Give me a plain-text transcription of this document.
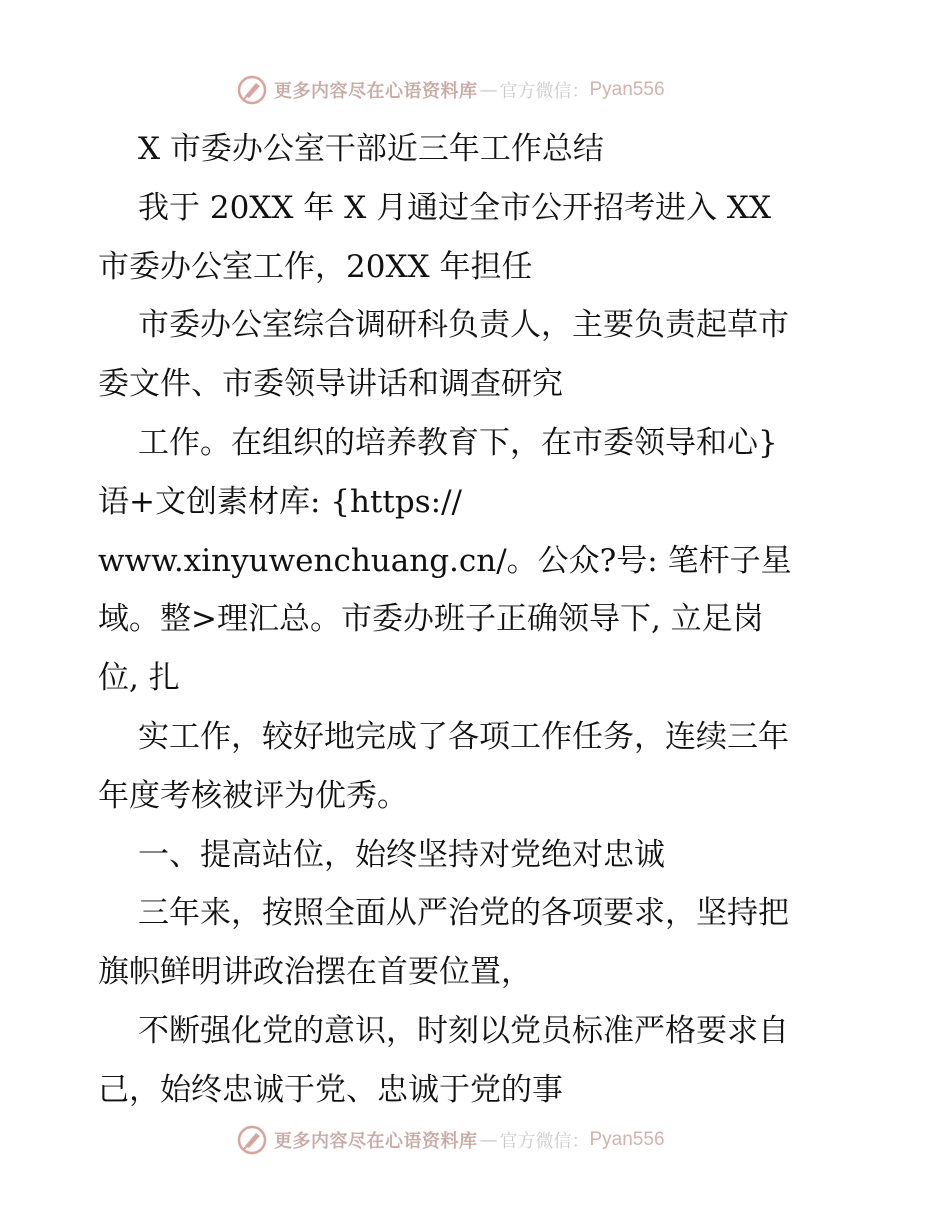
更多内容尽在心语资料库 — 官方微信： Pyan556
X 市委办公室干部近三年工作总结
我于 20XX 年 X 月通过全市公开招考进入 XX
市委办公室工作，20XX 年担任
市委办公室综合调研科负责人，主要负责起草市
委文件、市委领导讲话和调查研究
工作。在组织的培养教育下，在市委领导和心}
语+文创素材库: {https://
www.xinyuwenchuang.cn/。公众?号: 笔杆子星
域。整>理汇总。市委办班子正确领导下, 立足岗
位, 扎
实工作，较好地完成了各项工作任务，连续三年
年度考核被评为优秀。
一、提高站位，始终坚持对党绝对忠诚
三年来，按照全面从严治党的各项要求，坚持把
旗帜鲜明讲政治摆在首要位置，
不断强化党的意识，时刻以党员标准严格要求自
己，始终忠诚于党、忠诚于党的事
更多内容尽在心语资料库 — 官方微信： Pyan556
